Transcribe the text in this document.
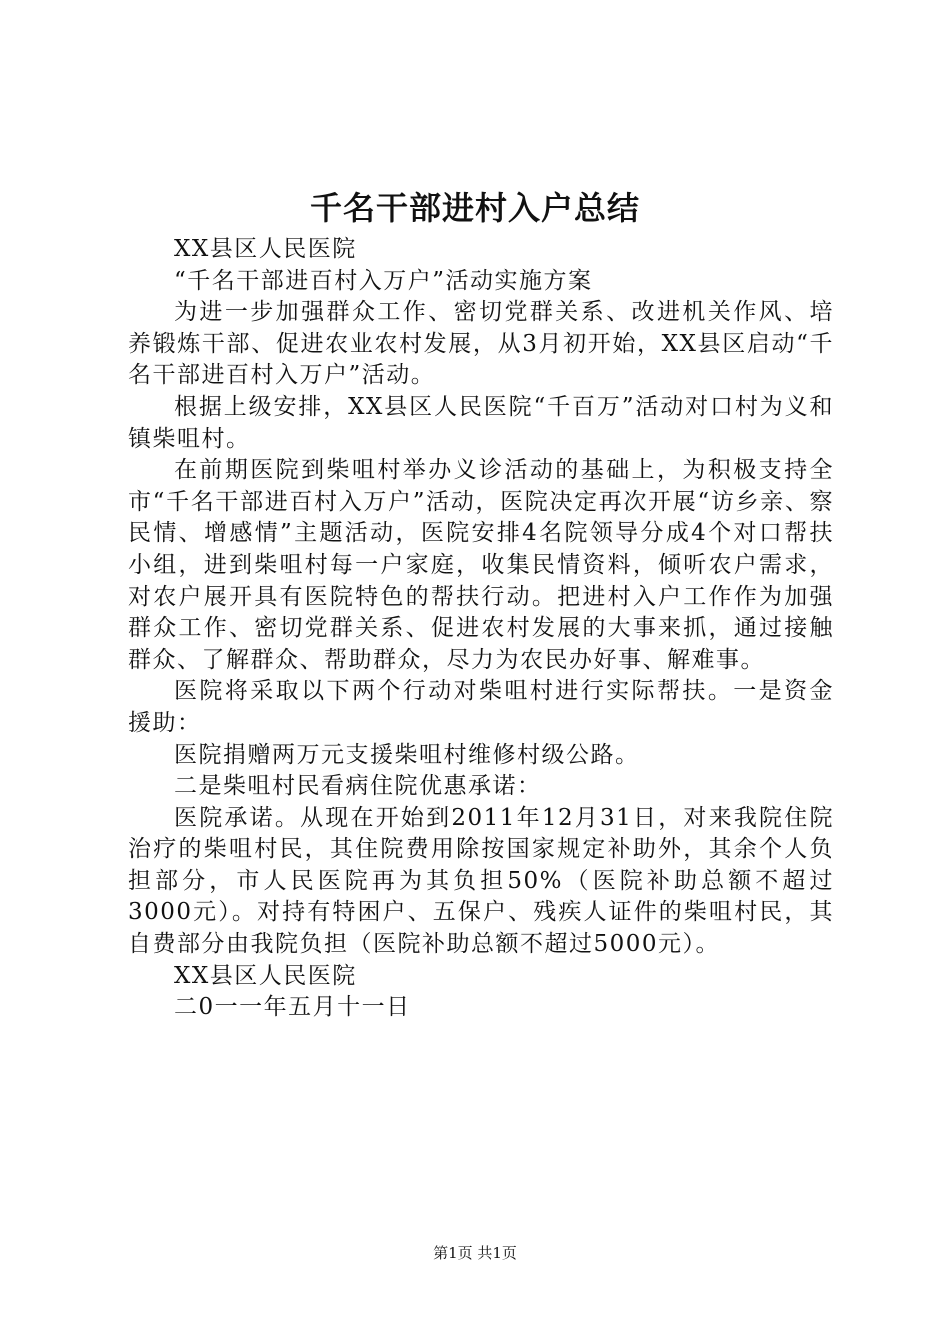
千名干部进村入户总结

XX县区人民医院

“千名干部进百村入万户”活动实施方案

为进一步加强群众工作、密切党群关系、改进机关作风、培养锻炼干部、促进农业农村发展，从3月初开始，XX县区启动“千名干部进百村入万户”活动。

根据上级安排，XX县区人民医院“千百万”活动对口村为义和镇柴咀村。

在前期医院到柴咀村举办义诊活动的基础上，为积极支持全市“千名干部进百村入万户”活动，医院决定再次开展“访乡亲、察民情、增感情”主题活动，医院安排4名院领导分成4个对口帮扶小组，进到柴咀村每一户家庭，收集民情资料，倾听农户需求，对农户展开具有医院特色的帮扶行动。把进村入户工作作为加强群众工作、密切党群关系、促进农村发展的大事来抓，通过接触群众、了解群众、帮助群众，尽力为农民办好事、解难事。

医院将采取以下两个行动对柴咀村进行实际帮扶。一是资金援助：

医院捐赠两万元支援柴咀村维修村级公路。

二是柴咀村民看病住院优惠承诺：

医院承诺。从现在开始到2011年12月31日，对来我院住院治疗的柴咀村民，其住院费用除按国家规定补助外，其余个人负担部分，市人民医院再为其负担50%（医院补助总额不超过3000元）。对持有特困户、五保户、残疾人证件的柴咀村民，其自费部分由我院负担（医院补助总额不超过5000元）。

XX县区人民医院

二0一一年五月十一日

第1页 共1页
